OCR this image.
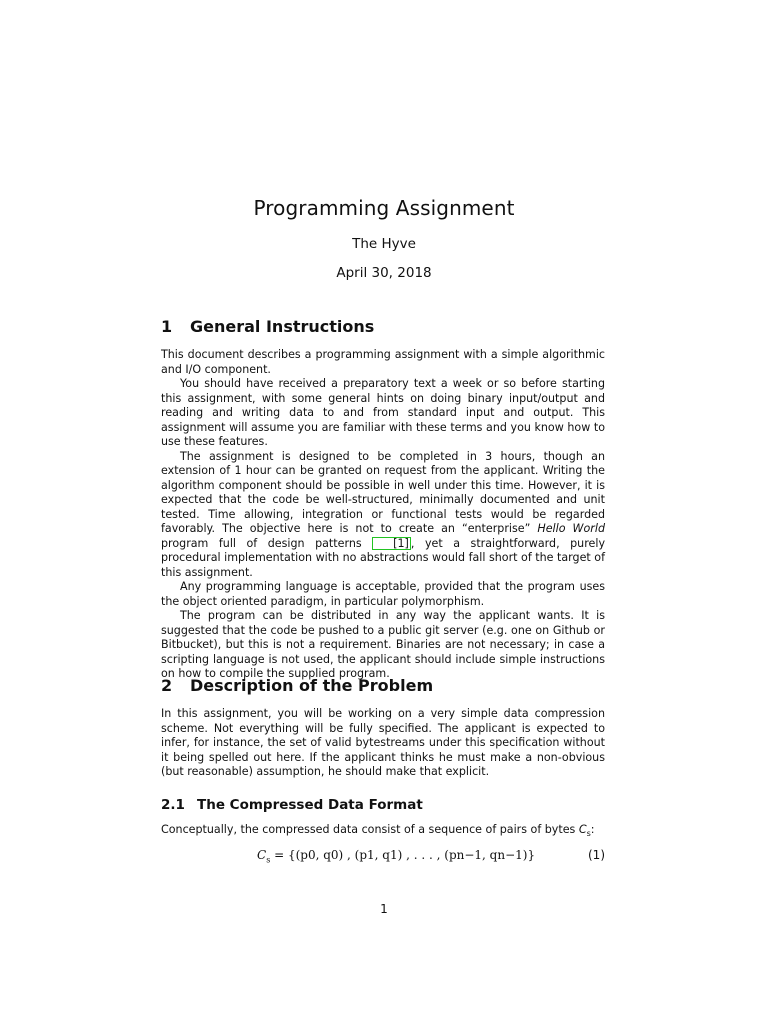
Programming Assignment
The Hyve
April 30, 2018
1 General Instructions

This document describes a programming assignment with a simple algorithmic and I/O component.

You should have received a preparatory text a week or so before starting this assignment, with some general hints on doing binary input/output and reading and writing data to and from standard input and output. This assignment will assume you are familiar with these terms and you know how to use these features.

The assignment is designed to be completed in 3 hours, though an extension of 1 hour can be granted on request from the applicant. Writing the algorithm component should be possible in well under this time. However, it is expected that the code be well-structured, minimally documented and unit tested. Time allowing, integration or functional tests would be regarded favorably. The objective here is not to create an “enterprise” Hello World program full of design patterns [1] , yet a straightforward, purely procedural implementation with no abstractions would fall short of the target of this assignment.

Any programming language is acceptable, provided that the program uses the object oriented paradigm, in particular polymorphism.

The program can be distributed in any way the applicant wants. It is suggested that the code be pushed to a public git server (e.g. one on Github or Bitbucket), but this is not a requirement. Binaries are not necessary; in case a scripting language is not used, the applicant should include simple instructions on how to compile the supplied program.

2 Description of the Problem

In this assignment, you will be working on a very simple data compression scheme. Not everything will be fully specified. The applicant is expected to infer, for instance, the set of valid bytestreams under this specification without it being spelled out here. If the applicant thinks he must make a non-obvious (but reasonable) assumption, he should make that explicit.

2.1 The Compressed Data Format

Conceptually, the compressed data consist of a sequence of pairs of bytes $C_s$:

$C_s = \{(p0$, q0) , (p1, q1) , . . . , (pn−1, qn−1)}	(1)
1
